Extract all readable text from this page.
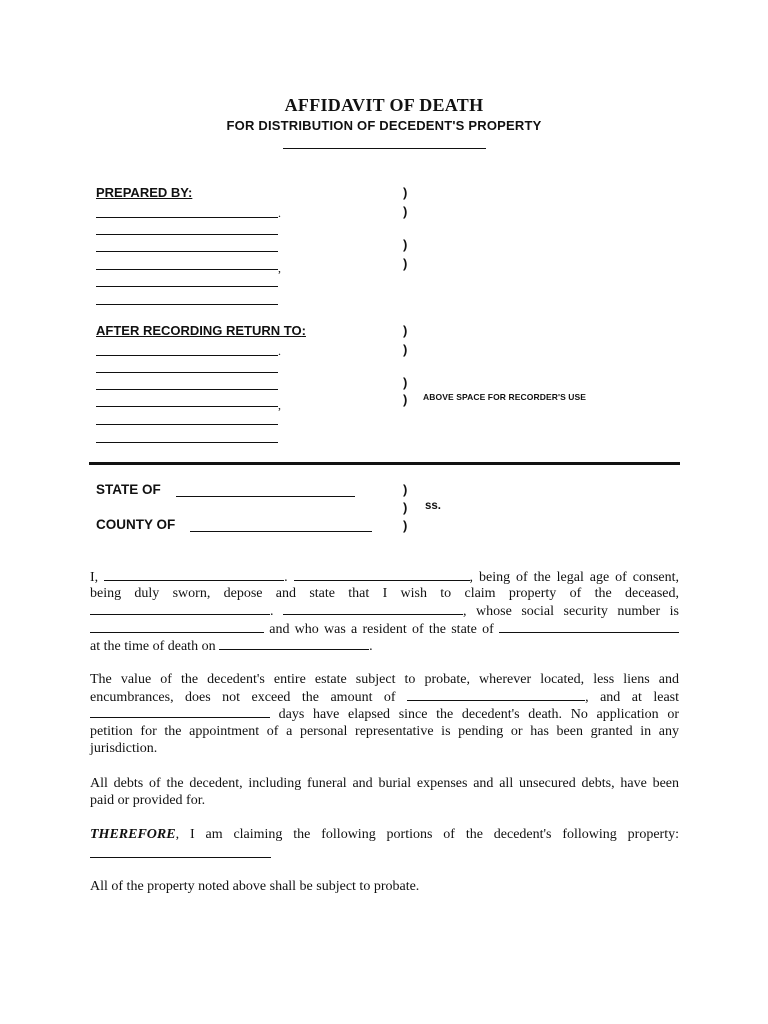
AFFIDAVIT OF DEATH
FOR DISTRIBUTION OF DECEDENT'S PROPERTY
PREPARED BY:
.
,
AFTER RECORDING RETURN TO:
.
,
)
)
)
)
)
)
)
) ABOVE SPACE FOR RECORDER'S USE
STATE OF
COUNTY OF
)
)
)
ss.
I,	.	, being of the legal age of consent,
being duly sworn, depose and state that I wish to claim property of the deceased,
.	, whose social security number is
and who was a resident of the state of
at the time of death on	.
The value of the decedent's entire estate subject to probate, wherever located, less liens and
encumbrances, does not exceed the amount of	, and at least
days have elapsed since the decedent's death. No application or
petition for the appointment of a personal representative is pending or has been granted in any
jurisdiction.
All debts of the decedent, including funeral and burial expenses and all unsecured debts, have been
paid or provided for.
THEREFORE, I am claiming the following portions of the decedent's following property:
All of the property noted above shall be subject to probate.
